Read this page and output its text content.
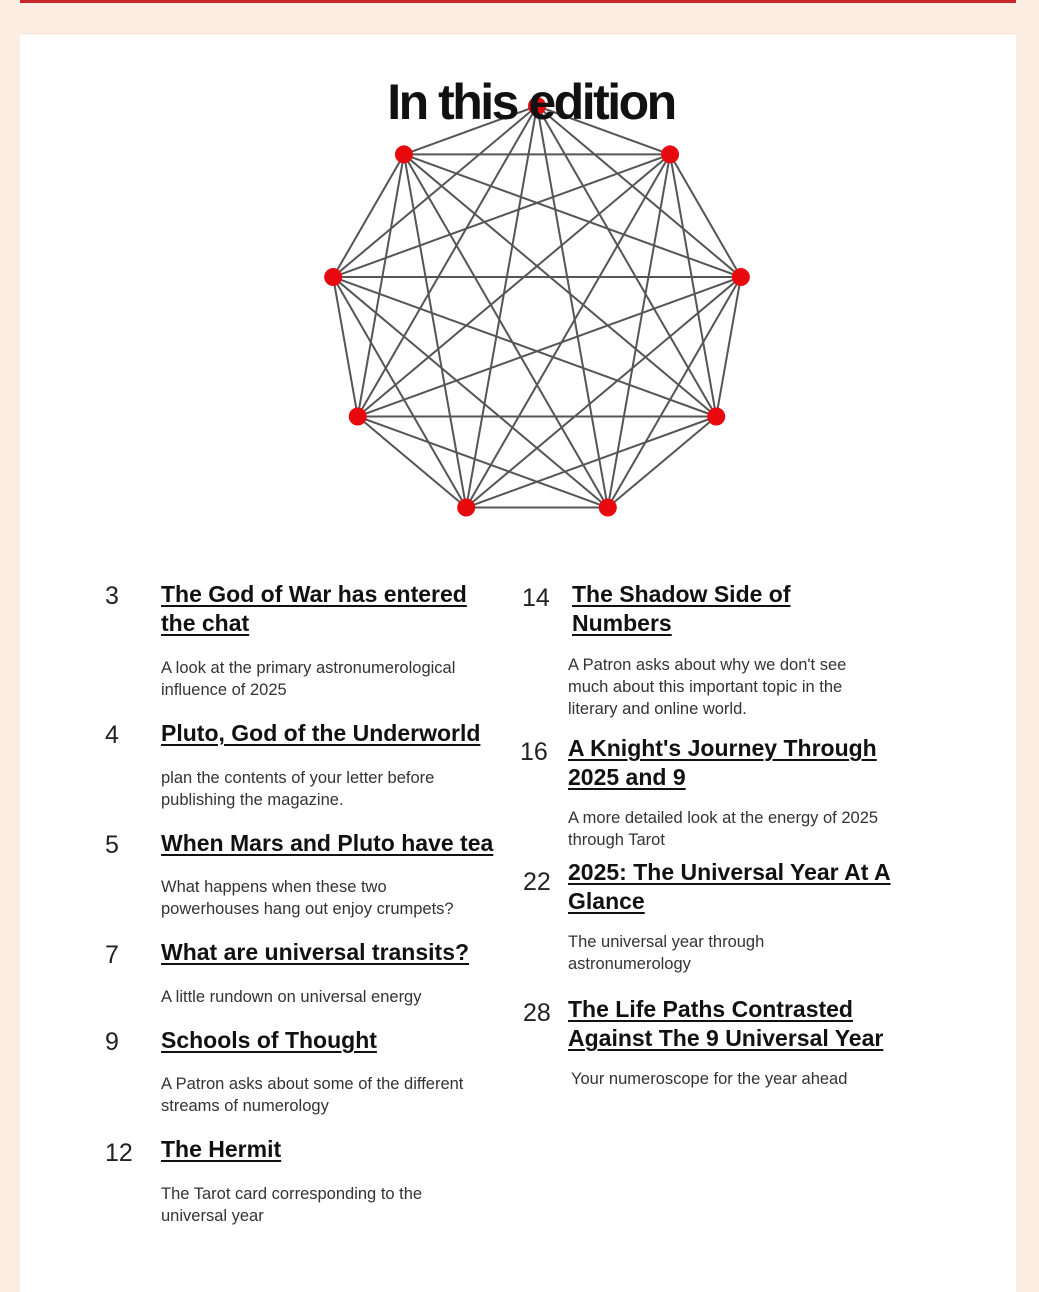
In this edition
3 The God of War has entered the chat
A look at the primary astronumerological influence of 2025
4 Pluto, God of the Underworld
plan the contents of your letter before publishing the magazine.
5 When Mars and Pluto have tea
What happens when these two powerhouses hang out enjoy crumpets?
7 What are universal transits?
A little rundown on universal energy
9 Schools of Thought
A Patron asks about some of the different streams of numerology
12 The Hermit
The Tarot card corresponding to the universal year
14 The Shadow Side of Numbers
A Patron asks about why we don't see much about this important topic in the literary and online world.
16 A Knight's Journey Through 2025 and 9
A more detailed look at the energy of 2025 through Tarot
22 2025: The Universal Year At A Glance
The universal year through astronumerology
28 The Life Paths Contrasted Against The 9 Universal Year
Your numeroscope for the year ahead
